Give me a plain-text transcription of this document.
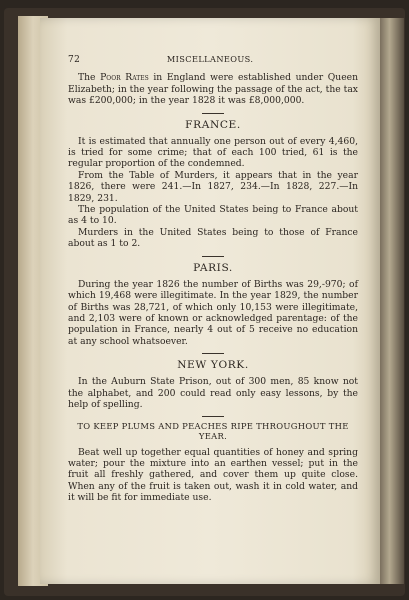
72	MISCELLANEOUS.

The Poor Rates in England were established under Queen Elizabeth; in the year following the passage of the act, the tax was £200,000; in the year 1828 it was £8,000,000.

FRANCE.

It is estimated that annually one person out of every 4,460, is tried for some crime; that of each 100 tried, 61 is the regular proportion of the condemned.

From the Table of Murders, it appears that in the year 1826, there were 241.—In 1827, 234.—In 1828, 227.—In 1829, 231.

The population of the United States being to France about as 4 to 10.

Murders in the United States being to those of France about as 1 to 2.

PARIS.

During the year 1826 the number of Births was 29,-970; of which 19,468 were illegitimate. In the year 1829, the number of Births was 28,721, of which only 10,153 were illegitimate, and 2,103 were of known or acknowledged parentage: of the population in France, nearly 4 out of 5 receive no education at any school whatsoever.

NEW YORK.

In the Auburn State Prison, out of 300 men, 85 know not the alphabet, and 200 could read only easy lessons, by the help of spelling.

TO KEEP PLUMS AND PEACHES RIPE THROUGHOUT THE YEAR.

Beat well up together equal quantities of honey and spring water; pour the mixture into an earthen vessel; put in the fruit all freshly gathered, and cover them up quite close. When any of the fruit is taken out, wash it in cold water, and it will be fit for immediate use.
